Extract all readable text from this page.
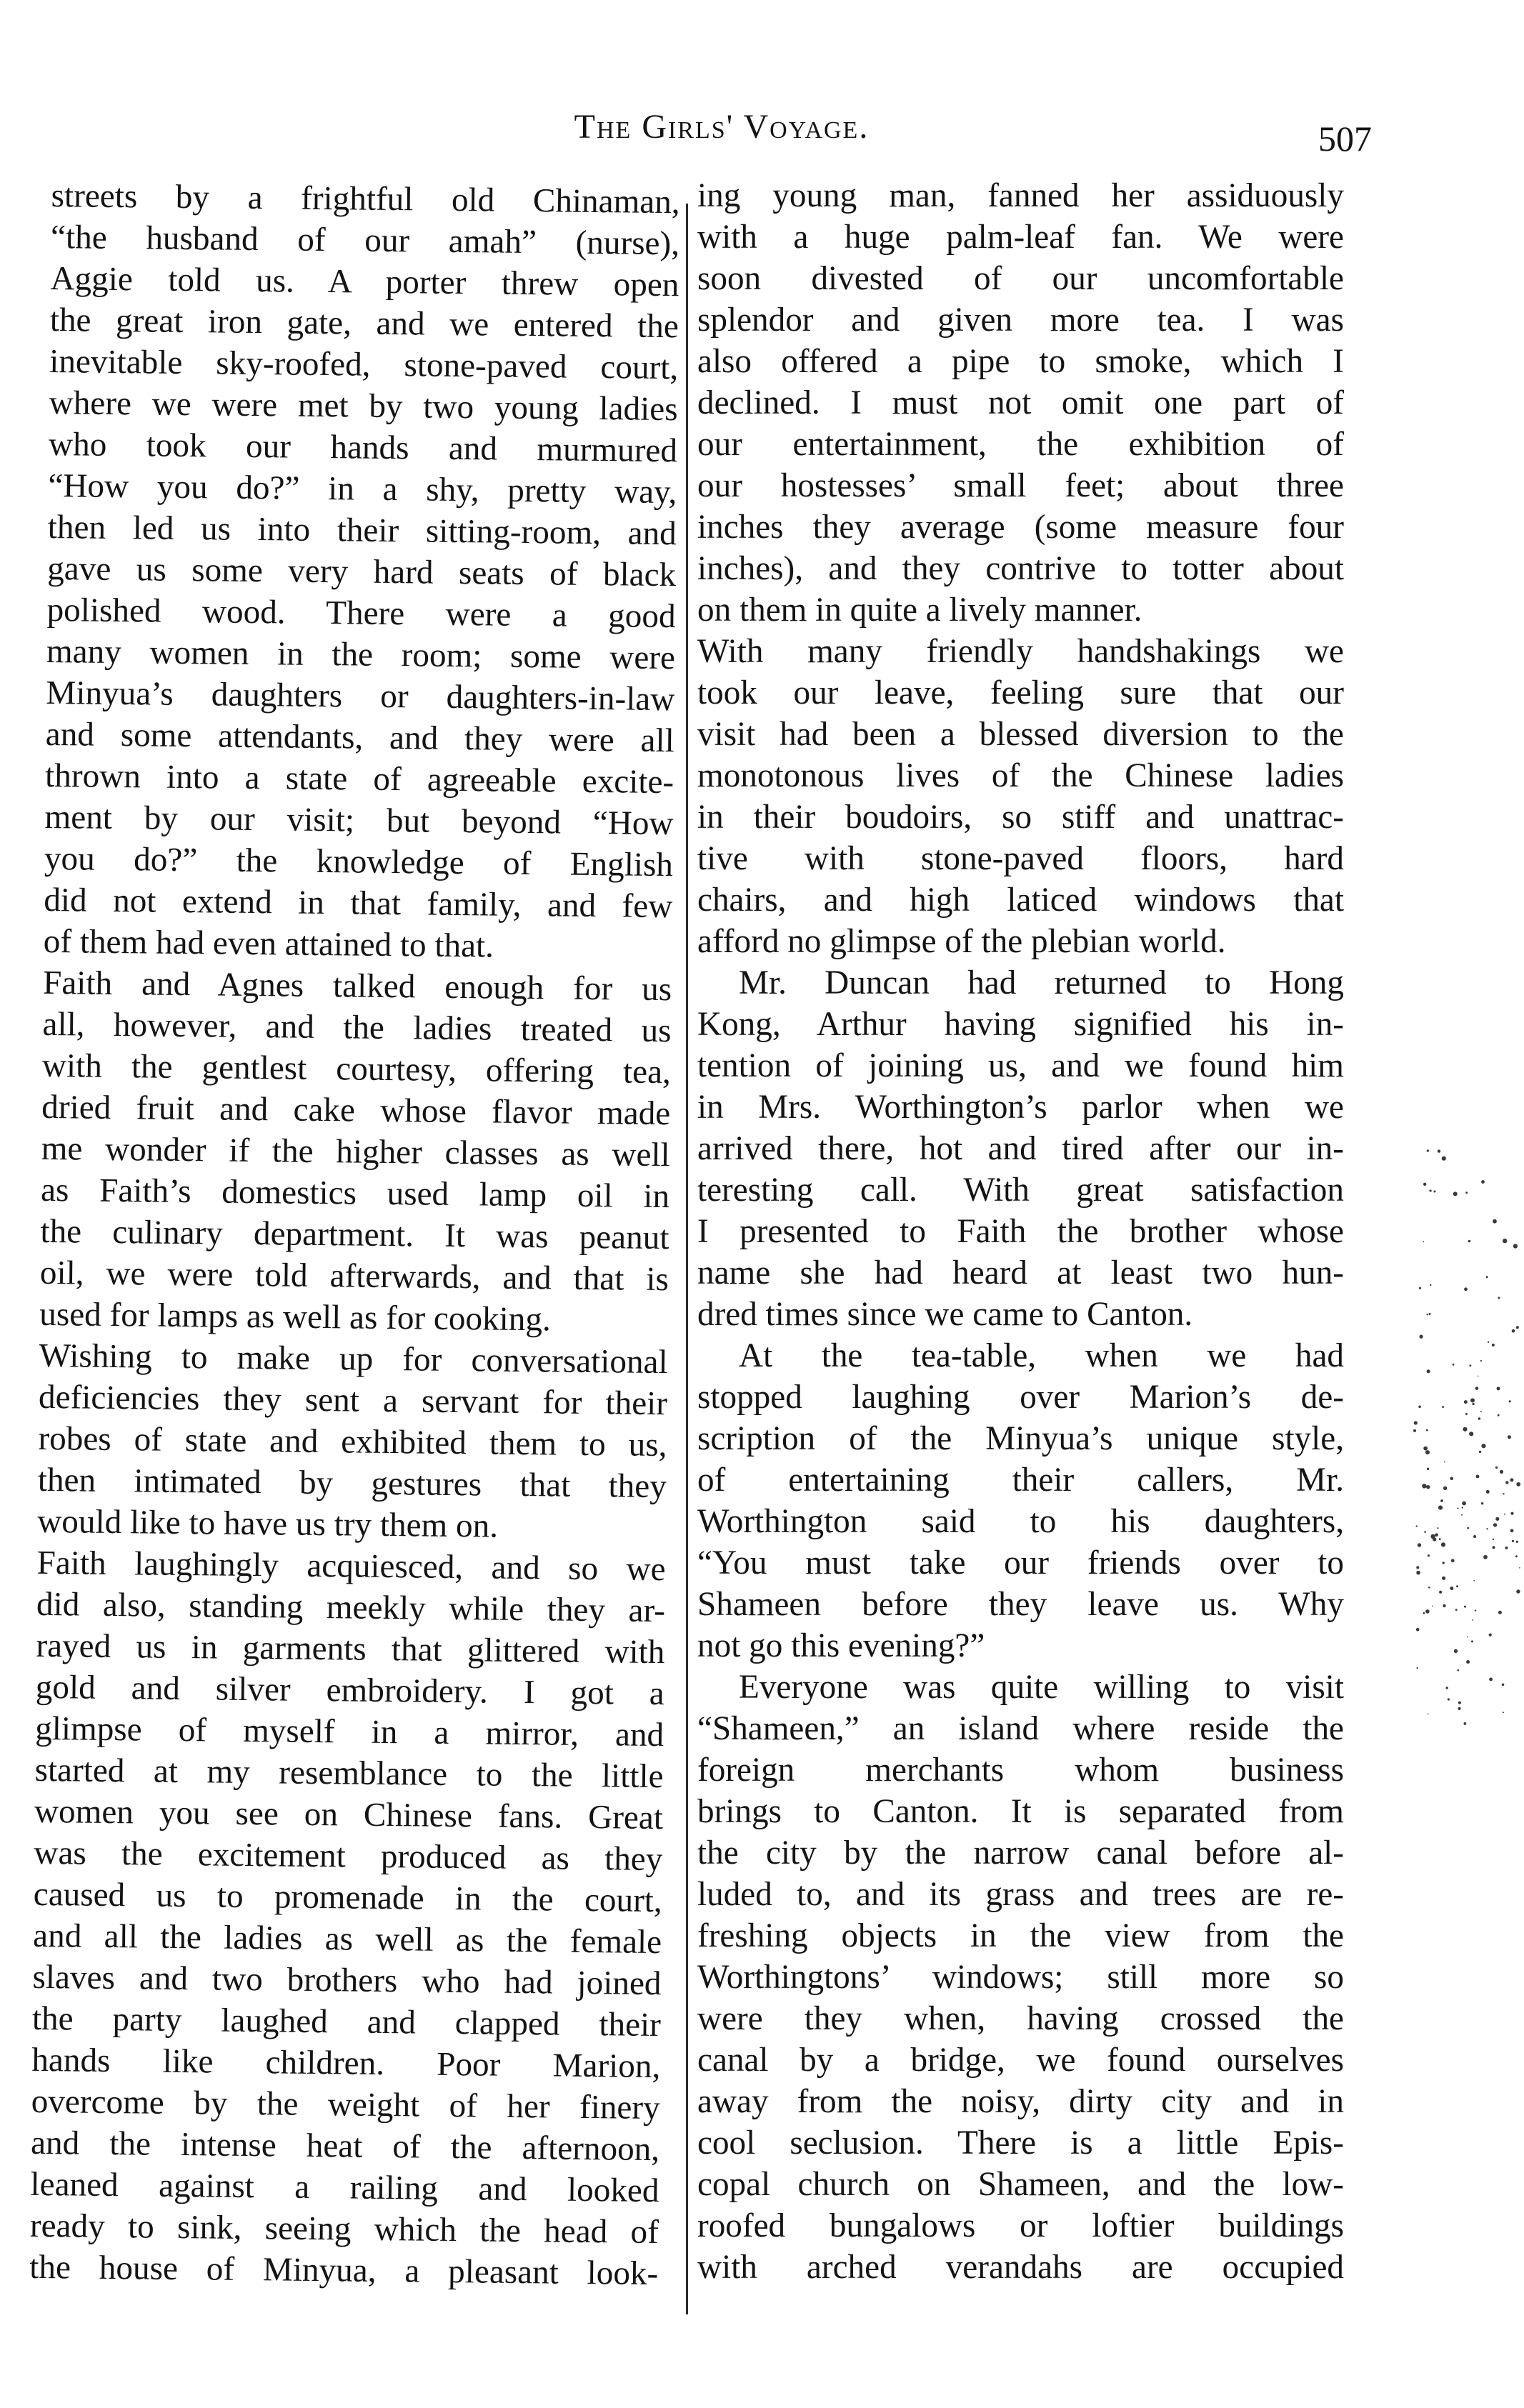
The Girls' Voyage.	507
streets by a frightful old Chinaman,
“the husband of our amah” (nurse),
Aggie told us. A porter threw open
the great iron gate, and we entered the
inevitable sky-roofed, stone-paved court,
where we were met by two young ladies
who took our hands and murmured
“How you do?” in a shy, pretty way,
then led us into their sitting-room, and
gave us some very hard seats of black
polished wood. There were a good
many women in the room; some were
Minyua’s daughters or daughters-in-law
and some attendants, and they were all
thrown into a state of agreeable excite-
ment by our visit; but beyond “How
you do?” the knowledge of English
did not extend in that family, and few
of them had even attained to that.
Faith and Agnes talked enough for us
all, however, and the ladies treated us
with the gentlest courtesy, offering tea,
dried fruit and cake whose flavor made
me wonder if the higher classes as well
as Faith’s domestics used lamp oil in
the culinary department. It was peanut
oil, we were told afterwards, and that is
used for lamps as well as for cooking.
Wishing to make up for conversational
deficiencies they sent a servant for their
robes of state and exhibited them to us,
then intimated by gestures that they
would like to have us try them on.
Faith laughingly acquiesced, and so we
did also, standing meekly while they ar-
rayed us in garments that glittered with
gold and silver embroidery. I got a
glimpse of myself in a mirror, and
started at my resemblance to the little
women you see on Chinese fans. Great
was the excitement produced as they
caused us to promenade in the court,
and all the ladies as well as the female
slaves and two brothers who had joined
the party laughed and clapped their
hands like children. Poor Marion,
overcome by the weight of her finery
and the intense heat of the afternoon,
leaned against a railing and looked
ready to sink, seeing which the head of
the house of Minyua, a pleasant look-
ing young man, fanned her assiduously
with a huge palm-leaf fan. We were
soon divested of our uncomfortable
splendor and given more tea. I was
also offered a pipe to smoke, which I
declined. I must not omit one part of
our entertainment, the exhibition of
our hostesses’ small feet; about three
inches they average (some measure four
inches), and they contrive to totter about
on them in quite a lively manner.
With many friendly handshakings we
took our leave, feeling sure that our
visit had been a blessed diversion to the
monotonous lives of the Chinese ladies
in their boudoirs, so stiff and unattrac-
tive with stone-paved floors, hard
chairs, and high laticed windows that
afford no glimpse of the plebian world.
Mr. Duncan had returned to Hong
Kong, Arthur having signified his in-
tention of joining us, and we found him
in Mrs. Worthington’s parlor when we
arrived there, hot and tired after our in-
teresting call. With great satisfaction
I presented to Faith the brother whose
name she had heard at least two hun-
dred times since we came to Canton.
At the tea-table, when we had
stopped laughing over Marion’s de-
scription of the Minyua’s unique style,
of entertaining their callers, Mr.
Worthington said to his daughters,
“You must take our friends over to
Shameen before they leave us. Why
not go this evening?”
Everyone was quite willing to visit
“Shameen,” an island where reside the
foreign merchants whom business
brings to Canton. It is separated from
the city by the narrow canal before al-
luded to, and its grass and trees are re-
freshing objects in the view from the
Worthingtons’ windows; still more so
were they when, having crossed the
canal by a bridge, we found ourselves
away from the noisy, dirty city and in
cool seclusion. There is a little Epis-
copal church on Shameen, and the low-
roofed bungalows or loftier buildings
with arched verandahs are occupied
